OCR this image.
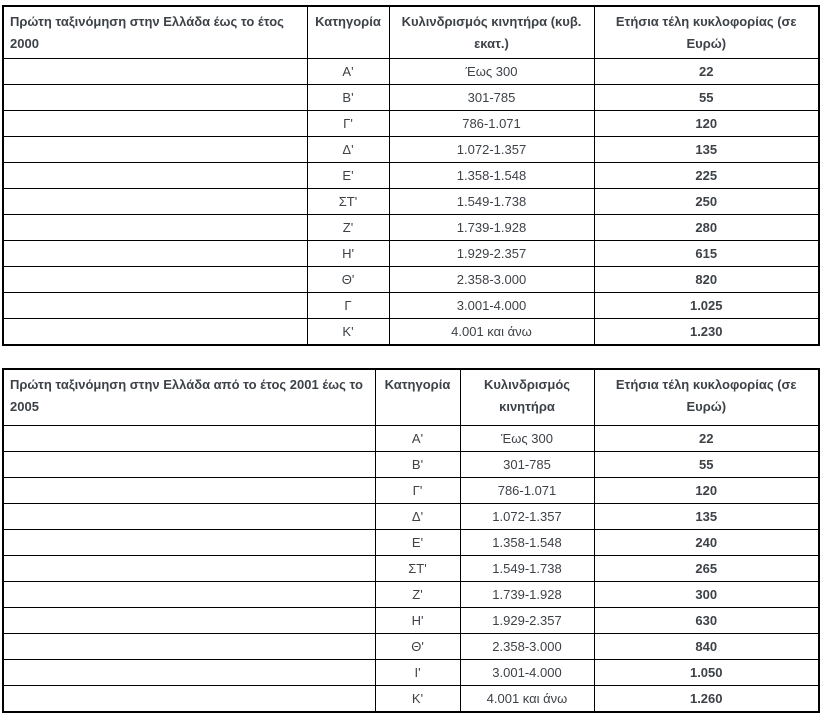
Πρώτη ταξινόμηση στην Ελλάδα έως το έτος 2000	Κατηγορία	Κυλινδρισμός κινητήρα (κυβ. εκατ.)	Ετήσια τέλη κυκλοφορίας (σε Ευρώ)
	Α'	Έως 300	22
	Β'	301-785	55
	Γ'	786-1.071	120
	Δ'	1.072-1.357	135
	Ε'	1.358-1.548	225
	ΣΤ'	1.549-1.738	250
	Ζ'	1.739-1.928	280
	Η'	1.929-2.357	615
	Θ'	2.358-3.000	820
	Γ	3.001-4.000	1.025
	Κ'	4.001 και άνω	1.230
Πρώτη ταξινόμηση στην Ελλάδα από το έτος 2001 έως το 2005	Κατηγορία	Κυλινδρισμός κινητήρα	Ετήσια τέλη κυκλοφορίας (σε Ευρώ)
	Α'	Έως 300	22
	Β'	301-785	55
	Γ'	786-1.071	120
	Δ'	1.072-1.357	135
	Ε'	1.358-1.548	240
	ΣΤ'	1.549-1.738	265
	Ζ'	1.739-1.928	300
	Η'	1.929-2.357	630
	Θ'	2.358-3.000	840
	Ι'	3.001-4.000	1.050
	Κ'	4.001 και άνω	1.260
